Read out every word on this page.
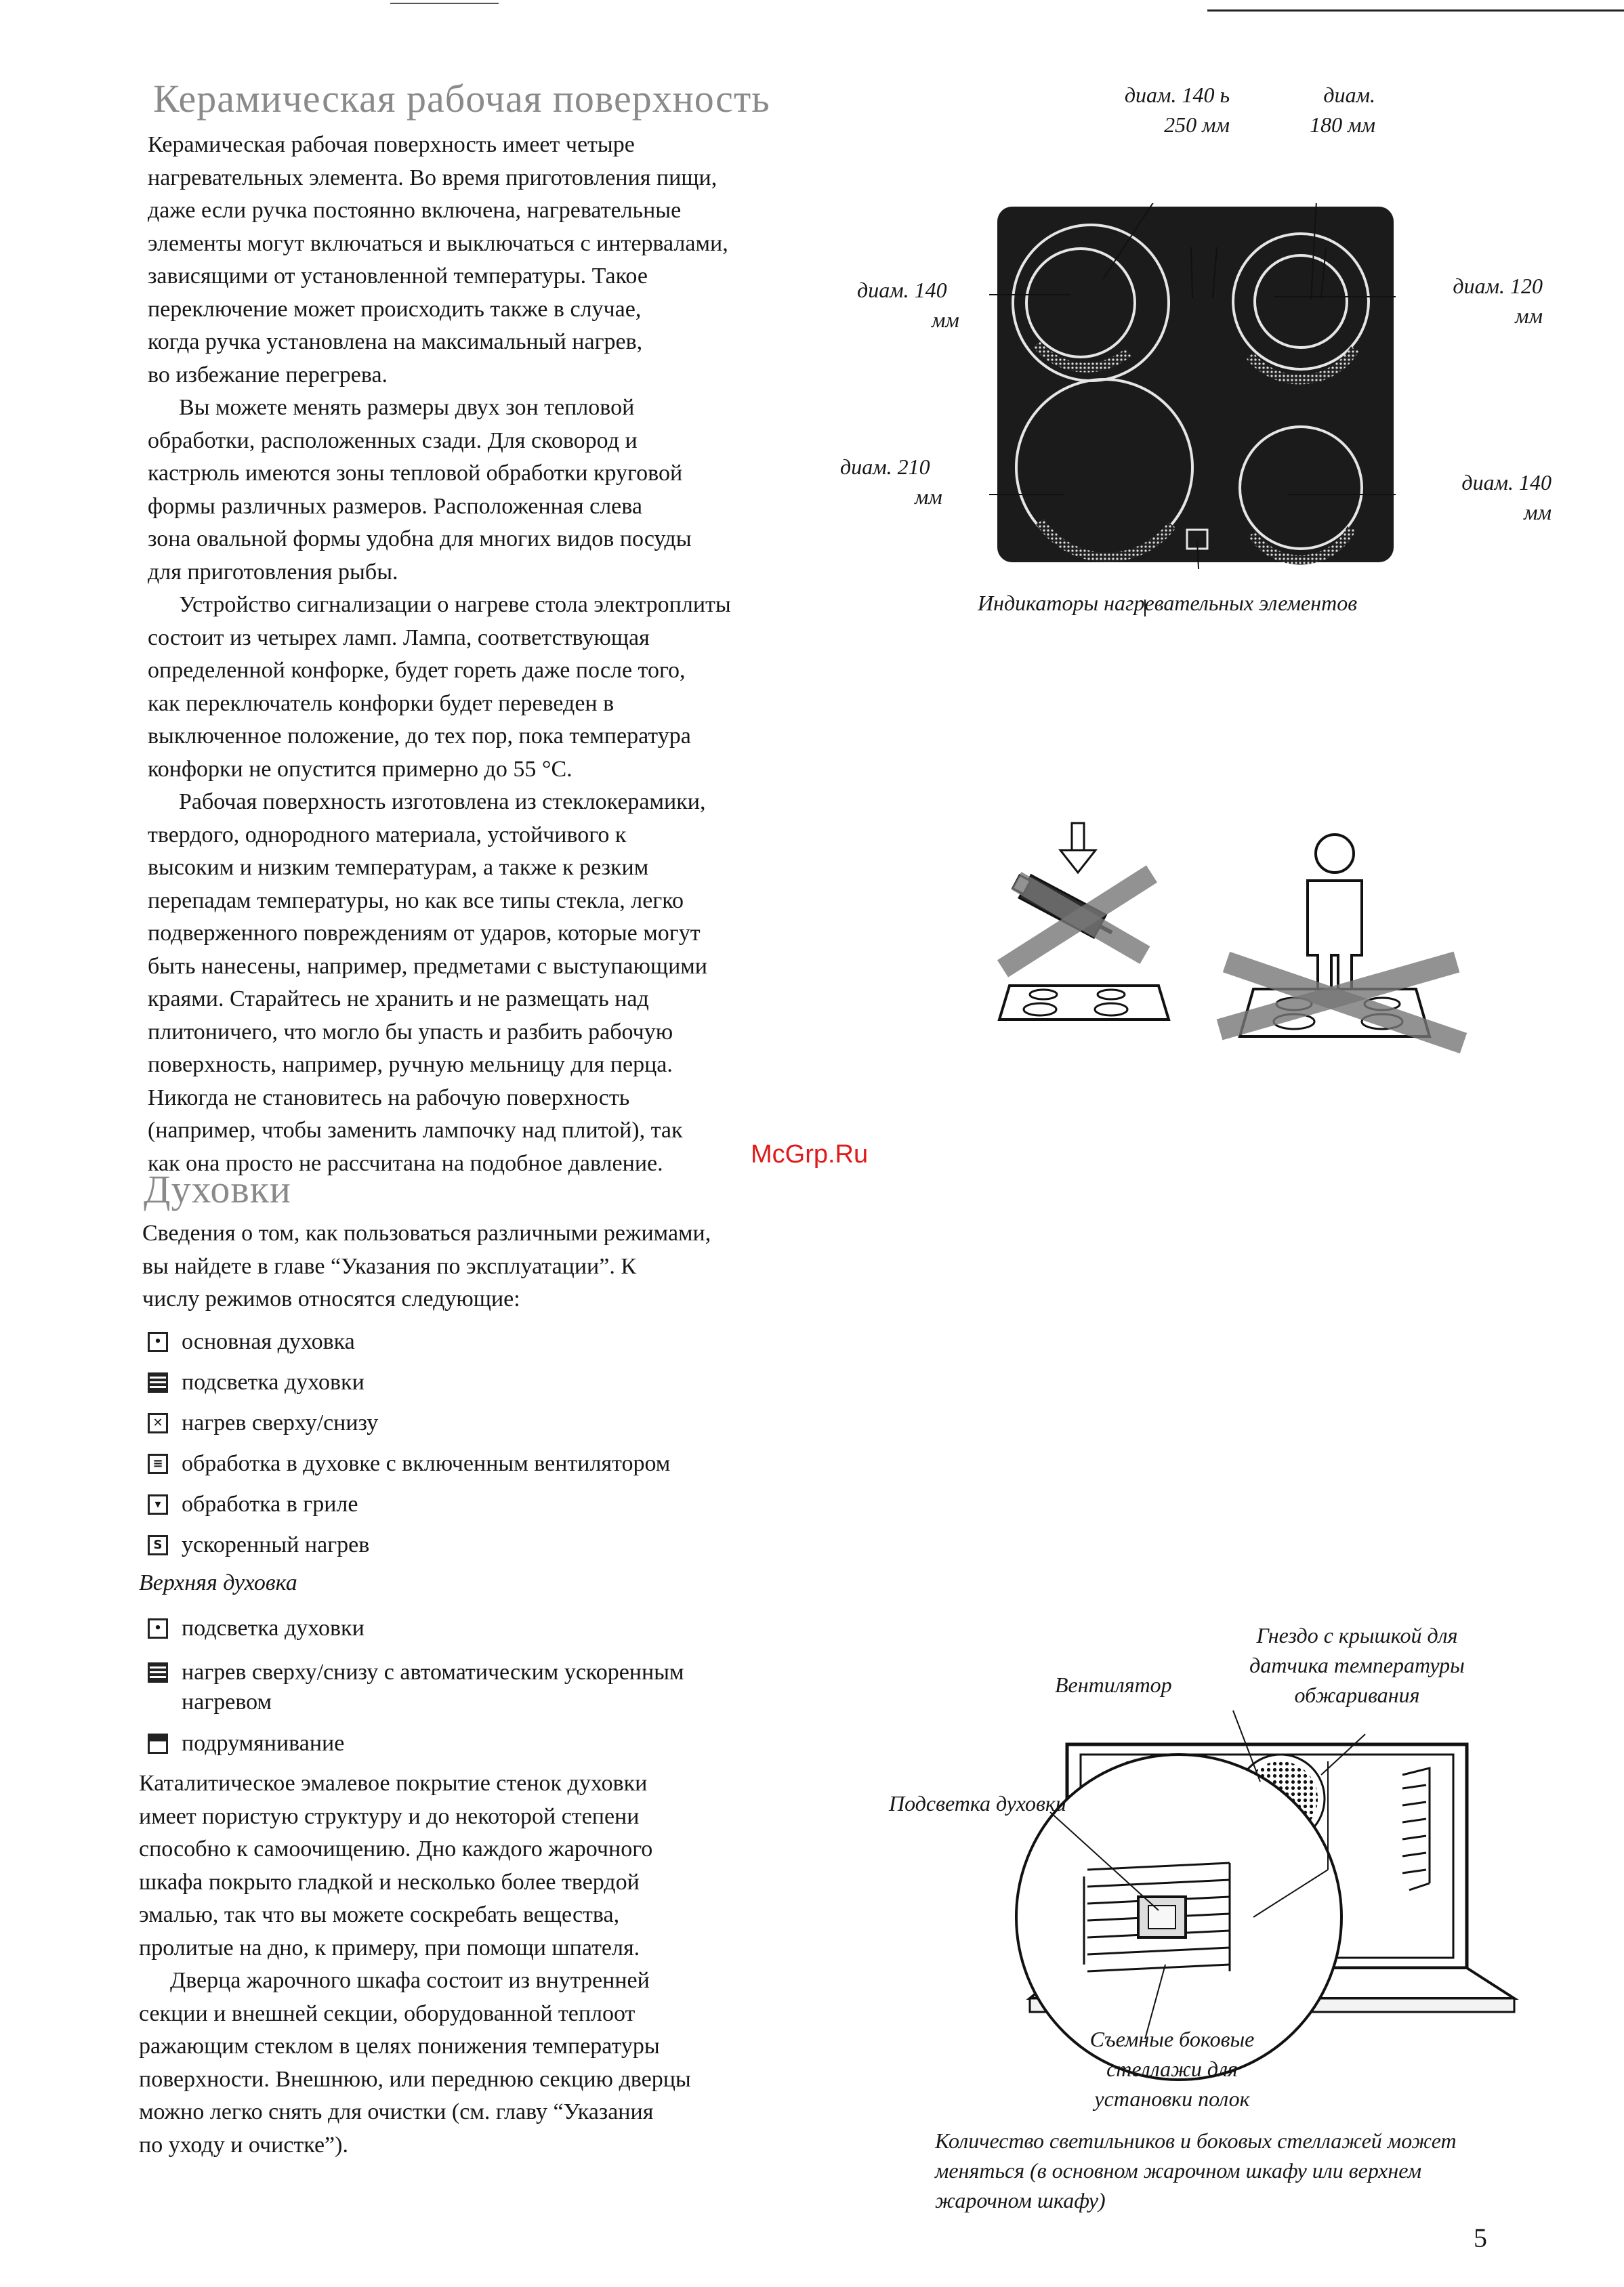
Керамическая рабочая поверхность
Керамическая рабочая поверхность имеет четыре
нагревательных элемента. Во время приготовления пищи,
даже если ручка постоянно включена, нагревательные
элементы могут включаться и выключаться с интервалами,
зависящими от установленной температуры. Такое
переключение может происходить также в случае,
когда ручка установлена на максимальный нагрев,
во избежание перегрева.
Вы можете менять размеры двух зон тепловой
обработки, расположенных сзади. Для сковород и
кастрюль имеются зоны тепловой обработки круговой
формы различных размеров. Расположенная слева
зона овальной формы удобна для многих видов посуды
для приготовления рыбы.
Устройство сигнализации о нагреве стола электроплиты
состоит из четырех ламп. Лампа, соответствующая
определенной конфорке, будет гореть даже после того,
как переключатель конфорки будет переведен в
выключенное положение, до тех пор, пока температура
конфорки не опустится примерно до 55 °С.
Рабочая поверхность изготовлена из стеклокерамики,
твердого, однородного материала, устойчивого к
высоким и низким температурам, а также к резким
перепадам температуры, но как все типы стекла, легко
подверженного повреждениям от ударов, которые могут
быть нанесены, например, предметами с выступающими
краями. Старайтесь не хранить и не размещать над
плитоничего, что могло бы упасть и разбить рабочую
поверхность, например, ручную мельницу для перца.
Никогда не становитесь на рабочую поверхность
(например, чтобы заменить лампочку над плитой), так
как она просто не рассчитана на подобное давление.
диам. 140 ь
250 мм
диам.
180 мм
диам. 140
мм
диам. 120
мм
диам. 210
мм
диам. 140
мм
Индикаторы нагревательных элементов
McGrp.Ru
Духовки
Сведения о том, как пользоваться различными режимами,
вы найдете в главе “Указания по эксплуатации”. К
числу режимов относятся следующие:
• основная духовка
подсветка духовки
✕ нагрев сверху/снизу
≡ обработка в духовке с включенным вентилятором
▾ обработка в гриле
S ускоренный нагрев
Верхняя духовка
• подсветка духовки
нагрев сверху/снизу с автоматическим ускоренным
нагревом
подрумянивание
Каталитическое эмалевое покрытие стенок духовки
имеет пористую структуру и до некоторой степени
способно к самоочищению. Дно каждого жарочного
шкафа покрыто гладкой и несколько более твердой
эмалью, так что вы можете соскребать вещества,
пролитые на дно, к примеру, при помощи шпателя.
Дверца жарочного шкафа состоит из внутренней
секции и внешней секции, оборудованной теплоот
ражающим стеклом в целях понижения температуры
поверхности. Внешнюю, или переднюю секцию дверцы
можно легко снять для очистки (см. главу “Указания
по уходу и очистке”).
Вентилятор
Гнездо с крышкой для
датчика температуры
обжаривания
Подсветка духовки
Съемные боковые
стеллажи для
установки полок
Количество светильников и боковых стеллажей может
меняться (в основном жарочном шкафу или верхнем
жарочном шкафу)
5
